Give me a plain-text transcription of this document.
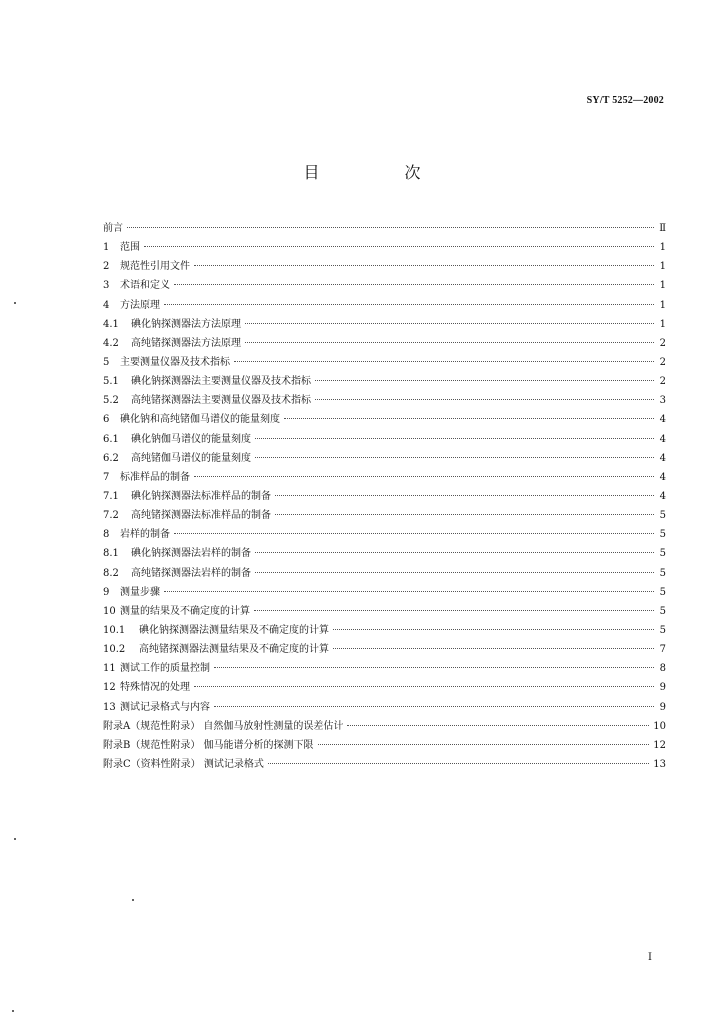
SY/T 5252—2002
目 次
前言	Ⅱ
1	范围	1
2	规范性引用文件	1
3	术语和定义	1
4	方法原理	1
4.1	碘化钠探测器法方法原理	1
4.2	高纯锗探测器法方法原理	2
5	主要测量仪器及技术指标	2
5.1	碘化钠探测器法主要测量仪器及技术指标	2
5.2	高纯锗探测器法主要测量仪器及技术指标	3
6	碘化钠和高纯锗伽马谱仪的能量刻度	4
6.1	碘化钠伽马谱仪的能量刻度	4
6.2	高纯锗伽马谱仪的能量刻度	4
7	标准样品的制备	4
7.1	碘化钠探测器法标准样品的制备	4
7.2	高纯锗探测器法标准样品的制备	5
8	岩样的制备	5
8.1	碘化钠探测器法岩样的制备	5
8.2	高纯锗探测器法岩样的制备	5
9	测量步骤	5
10 测量的结果及不确定度的计算	5
10.1	碘化钠探测器法测量结果及不确定度的计算	5
10.2	高纯锗探测器法测量结果及不确定度的计算	7
11 测试工作的质量控制	8
12 特殊情况的处理	9
13 测试记录格式与内容	9
附录A（规范性附录） 自然伽马放射性测量的误差估计	10
附录B（规范性附录） 伽马能谱分析的探测下限	12
附录C（资料性附录） 测试记录格式	13
I
